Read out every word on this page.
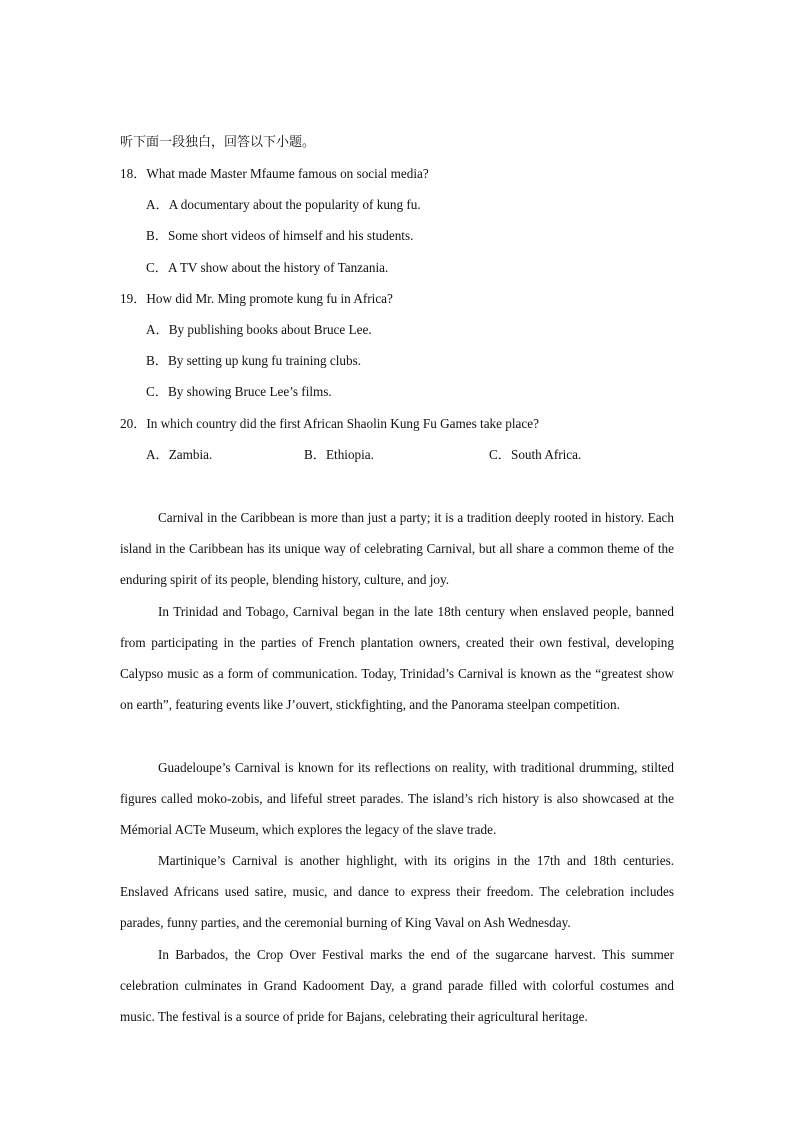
听下面一段独白，回答以下小题。
18．What made Master Mfaume famous on social media?
A．A documentary about the popularity of kung fu.
B．Some short videos of himself and his students.
C．A TV show about the history of Tanzania.
19．How did Mr. Ming promote kung fu in Africa?
A．By publishing books about Bruce Lee.
B．By setting up kung fu training clubs.
C．By showing Bruce Lee’s films.
20．In which country did the first African Shaolin Kung Fu Games take place?
A．Zambia.	B．Ethiopia.	C．South Africa.

Carnival in the Caribbean is more than just a party; it is a tradition deeply rooted in history. Each island in the Caribbean has its unique way of celebrating Carnival, but all share a common theme of the enduring spirit of its people, blending history, culture, and joy.

In Trinidad and Tobago, Carnival began in the late 18th century when enslaved people, banned from participating in the parties of French plantation owners, created their own festival, developing Calypso music as a form of communication. Today, Trinidad’s Carnival is known as the “greatest show on earth”, featuring events like J’ouvert, stickfighting, and the Panorama steelpan competition.

Guadeloupe’s Carnival is known for its reflections on reality, with traditional drumming, stilted figures called moko-zobis, and lifeful street parades. The island’s rich history is also showcased at the Mémorial ACTe Museum, which explores the legacy of the slave trade.

Martinique’s Carnival is another highlight, with its origins in the 17th and 18th centuries. Enslaved Africans used satire, music, and dance to express their freedom. The celebration includes parades, funny parties, and the ceremonial burning of King Vaval on Ash Wednesday.

In Barbados, the Crop Over Festival marks the end of the sugarcane harvest. This summer celebration culminates in Grand Kadooment Day, a grand parade filled with colorful costumes and music. The festival is a source of pride for Bajans, celebrating their agricultural heritage.
